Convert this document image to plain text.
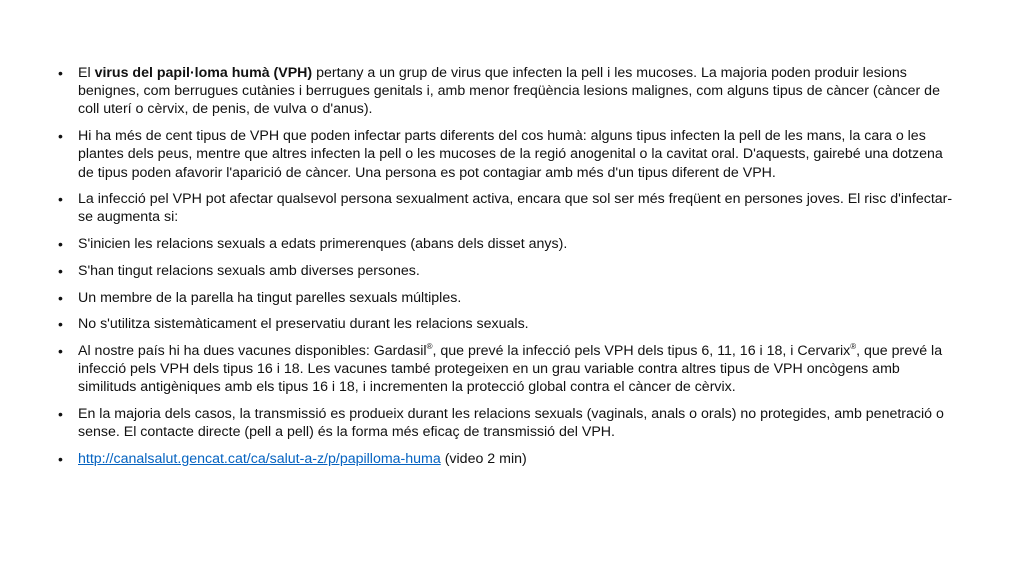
•	El virus del papil·loma humà (VPH) pertany a un grup de virus que infecten la pell i les mucoses. La majoria poden produir lesions benignes, com berrugues cutànies i berrugues genitals i, amb menor freqüència lesions malignes, com alguns tipus de càncer (càncer de coll uterí o cèrvix, de penis, de vulva o d'anus).
•	Hi ha més de cent tipus de VPH que poden infectar parts diferents del cos humà: alguns tipus infecten la pell de les mans, la cara o les plantes dels peus, mentre que altres infecten la pell o les mucoses de la regió anogenital o la cavitat oral. D'aquests, gairebé una dotzena de tipus poden afavorir l'aparició de càncer. Una persona es pot contagiar amb més d'un tipus diferent de VPH.
•	La infecció pel VPH pot afectar qualsevol persona sexualment activa, encara que sol ser més freqüent en persones joves. El risc d'infectar-se augmenta si:
•	S'inicien les relacions sexuals a edats primerenques (abans dels disset anys).
•	S'han tingut relacions sexuals amb diverses persones.
•	Un membre de la parella ha tingut parelles sexuals múltiples.
•	No s'utilitza sistemàticament el preservatiu durant les relacions sexuals.
•	Al nostre país hi ha dues vacunes disponibles: Gardasil®, que prevé la infecció pels VPH dels tipus 6, 11, 16 i 18, i Cervarix®, que prevé la infecció pels VPH dels tipus 16 i 18. Les vacunes també protegeixen en un grau variable contra altres tipus de VPH oncògens amb similituds antigèniques amb els tipus 16 i 18, i incrementen la protecció global contra el càncer de cèrvix.
•	En la majoria dels casos, la transmissió es produeix durant les relacions sexuals (vaginals, anals o orals) no protegides, amb penetració o sense. El contacte directe (pell a pell) és la forma més eficaç de transmissió del VPH.
•	http://canalsalut.gencat.cat/ca/salut-a-z/p/papilloma-huma (video 2 min)
